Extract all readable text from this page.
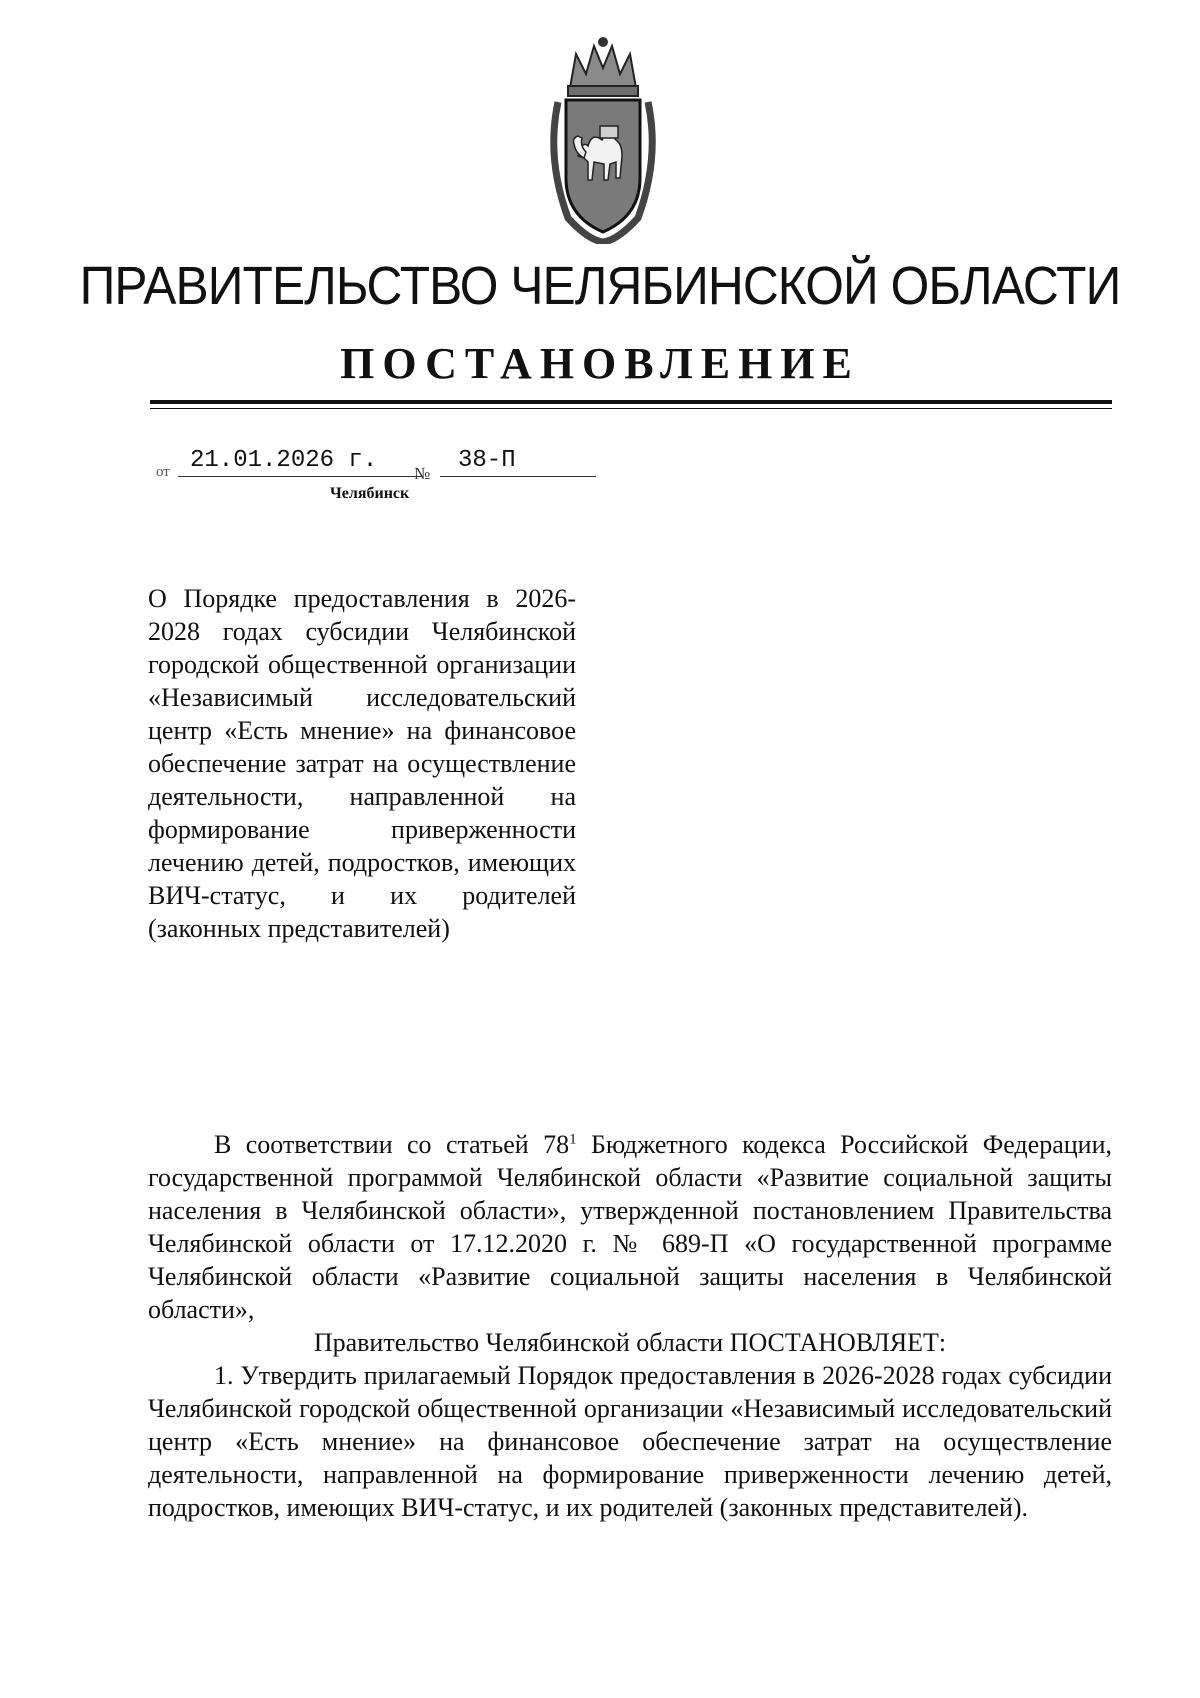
ПРАВИТЕЛЬСТВО ЧЕЛЯБИНСКОЙ ОБЛАСТИ
ПОСТАНОВЛЕНИЕ
от 21.01.2026 г.	№	38-П
Челябинск
О Порядке предоставления в 2026-2028 годах субсидии Челябинской городской общественной организации «Независимый исследовательский центр «Есть мнение» на финансовое обеспечение затрат на осуществление деятельности, направленной на формирование приверженности лечению детей, подростков, имеющих ВИЧ-статус, и их родителей (законных представителей)

В соответствии со статьей $78^1$ Бюджетного кодекса Российской Федерации, государственной программой Челябинской области «Развитие социальной защиты населения в Челябинской области», утвержденной постановлением Правительства Челябинской области от 17.12.2020 г. № 689-П «О государственной программе Челябинской области «Развитие социальной защиты населения в Челябинской области»,

Правительство Челябинской области ПОСТАНОВЛЯЕТ:

1. Утвердить прилагаемый Порядок предоставления в 2026-2028 годах субсидии Челябинской городской общественной организации «Независимый исследовательский центр «Есть мнение» на финансовое обеспечение затрат на осуществление деятельности, направленной на формирование приверженности лечению детей, подростков, имеющих ВИЧ-статус, и их родителей (законных представителей).
